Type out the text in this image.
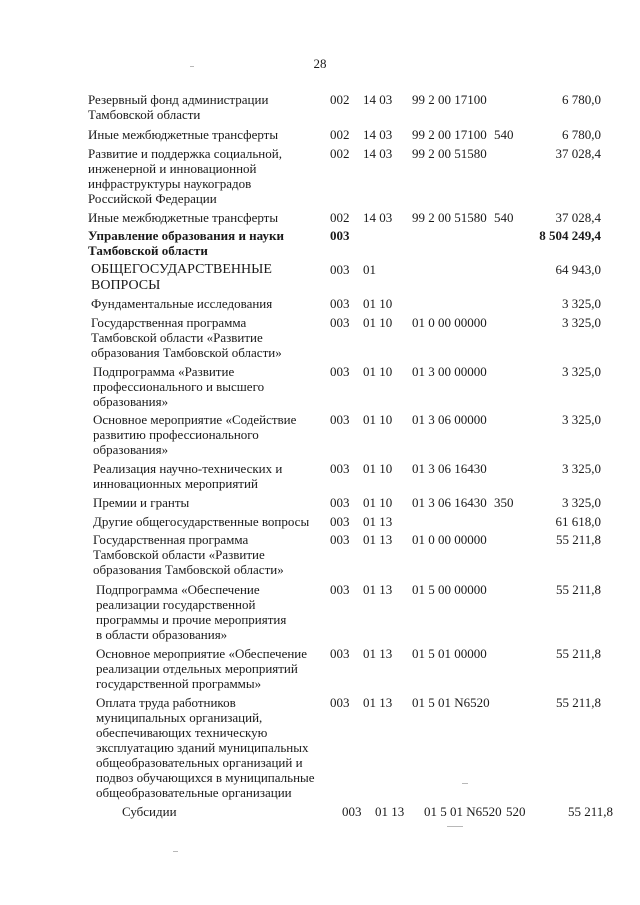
28
Резервный фонд администрации
Тамбовской области
002 14 03 99 2 00 17100	6 780,0
Иные межбюджетные трансферты	002 14 03 99 2 00 17100 540	6 780,0
Развитие и поддержка социальной,
инженерной и инновационной
инфраструктуры наукоградов
Российской Федерации
002 14 03 99 2 00 51580	37 028,4
Иные межбюджетные трансферты	002 14 03 99 2 00 51580 540	37 028,4
Управление образования и науки
Тамбовской области
003	8 504 249,4
ОБЩЕГОСУДАРСТВЕННЫЕ
ВОПРОСЫ
003 01	64 943,0
Фундаментальные исследования	003 01 10	3 325,0
Государственная программа
Тамбовской области «Развитие
образования Тамбовской области»
003 01 10 01 0 00 00000	3 325,0
Подпрограмма «Развитие
профессионального и высшего
образования»
003 01 10 01 3 00 00000	3 325,0
Основное мероприятие «Содействие
развитию профессионального
образования»
003 01 10 01 3 06 00000	3 325,0
Реализация научно-технических и
инновационных мероприятий
003 01 10 01 3 06 16430	3 325,0
Премии и гранты	003 01 10 01 3 06 16430 350	3 325,0
Другие общегосударственные вопросы	003 01 13	61 618,0
Государственная программа
Тамбовской области «Развитие
образования Тамбовской области»
003 01 13 01 0 00 00000	55 211,8
Подпрограмма «Обеспечение
реализации государственной
программы и прочие мероприятия
в области образования»
003 01 13 01 5 00 00000	55 211,8
Основное мероприятие «Обеспечение
реализации отдельных мероприятий
государственной программы»
003 01 13 01 5 01 00000	55 211,8
Оплата труда работников
муниципальных организаций,
обеспечивающих техническую
эксплуатацию зданий муниципальных
общеобразовательных организаций и
подвоз обучающихся в муниципальные
общеобразовательные организации
003 01 13 01 5 01 N6520	55 211,8
Субсидии	003 01 13 01 5 01 N6520 520	55 211,8
